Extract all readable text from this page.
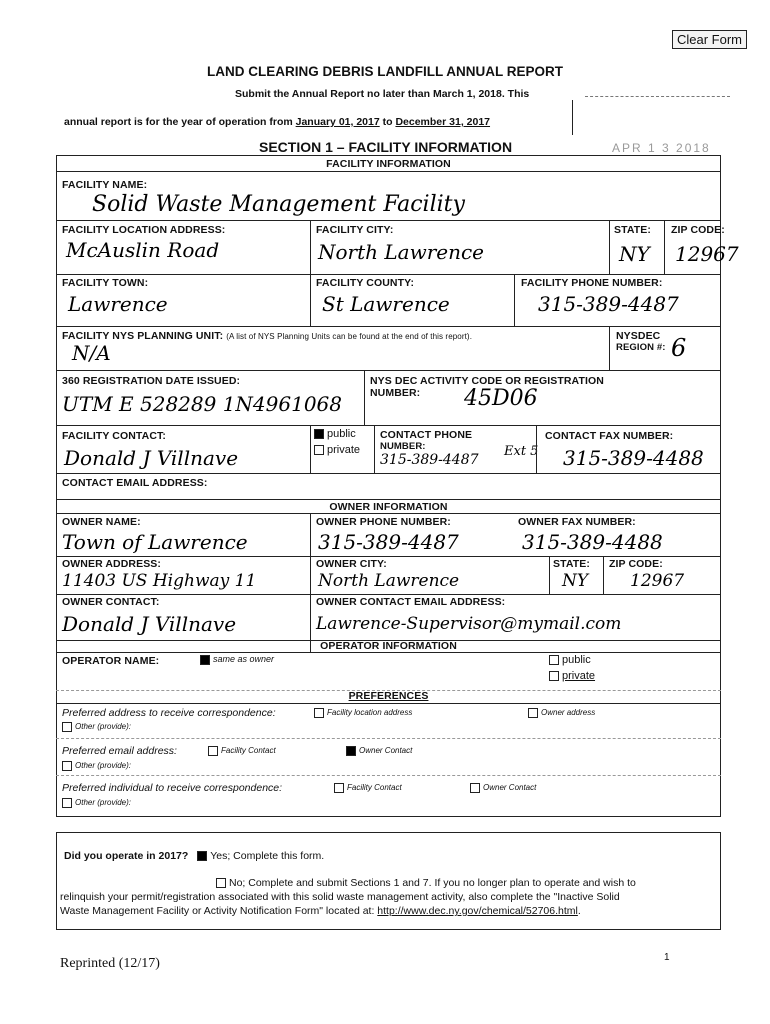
Clear Form
LAND CLEARING DEBRIS LANDFILL ANNUAL REPORT
Submit the Annual Report no later than March 1, 2018. This
annual report is for the year of operation from January 01, 2017 to December 31, 2017
APR 1 3 2018
SECTION 1 – FACILITY INFORMATION
FACILITY INFORMATION
FACILITY NAME:
Solid Waste Management Facility
FACILITY LOCATION ADDRESS:
McAuslin Road
FACILITY CITY:
North Lawrence
STATE:
NY
ZIP CODE:
12967
FACILITY TOWN:
Lawrence
FACILITY COUNTY:
St Lawrence
FACILITY PHONE NUMBER:
315-389-4487
FACILITY NYS PLANNING UNIT: (A list of NYS Planning Units can be found at the end of this report).
N/A
NYSDEC
REGION #: 6
360 REGISTRATION DATE ISSUED:
UTM E 528289 1N4961068
NYS DEC ACTIVITY CODE OR REGISTRATION
NUMBER:	45D06
FACILITY CONTACT:
Donald J Villnave
public
private
CONTACT PHONE
NUMBER:
315-389-4487
Ext 5
CONTACT FAX NUMBER:
315-389-4488
CONTACT EMAIL ADDRESS:
OWNER INFORMATION
OWNER NAME:
Town of Lawrence
OWNER PHONE NUMBER:
315-389-4487
OWNER FAX NUMBER:
315-389-4488
OWNER ADDRESS:
11403 US Highway 11
OWNER CITY:
North Lawrence
STATE:
NY
ZIP CODE:
12967
OWNER CONTACT:
Donald J Villnave
OWNER CONTACT EMAIL ADDRESS:
Lawrence-Supervisor@mymail.com
OPERATOR INFORMATION
OPERATOR NAME:	same as owner	public
private
PREFERENCES
Preferred address to receive correspondence:	Facility location address	Owner address
Other (provide):
Preferred email address:	Facility Contact	Owner Contact
Other (provide):
Preferred individual to receive correspondence:	Facility Contact	Owner Contact
Other (provide):
Did you operate in 2017? Yes; Complete this form.
No; Complete and submit Sections 1 and 7. If you no longer plan to operate and wish to
relinquish your permit/registration associated with this solid waste management activity, also complete the "Inactive Solid
Waste Management Facility or Activity Notification Form" located at: http://www.dec.ny.gov/chemical/52706.html.
Reprinted (12/17)	1
